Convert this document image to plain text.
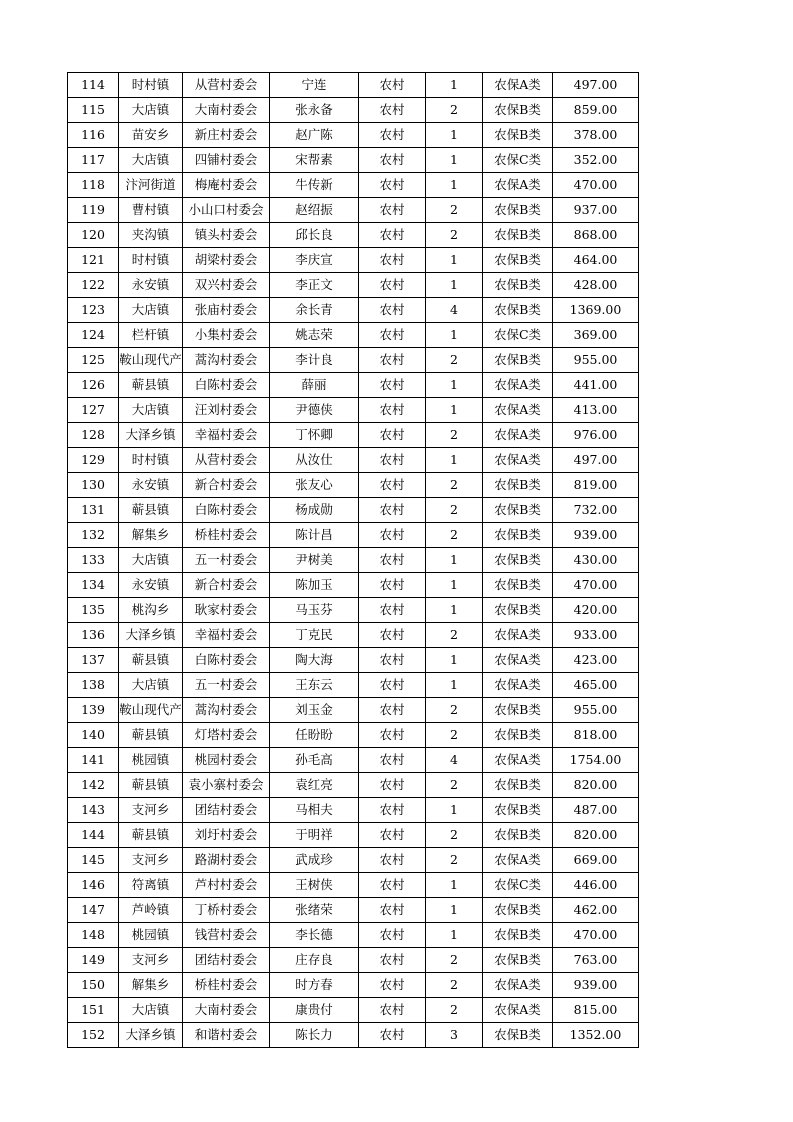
114	时村镇	从营村委会	宁连	农村	1	农保A类	497.00
115	大店镇	大南村委会	张永备	农村	2	农保B类	859.00
116	苗安乡	新庄村委会	赵广陈	农村	1	农保B类	378.00
117	大店镇	四铺村委会	宋帮素	农村	1	农保C类	352.00
118	汴河街道	梅庵村委会	牛传新	农村	1	农保A类	470.00
119	曹村镇	小山口村委会	赵绍振	农村	2	农保B类	937.00
120	夹沟镇	镇头村委会	邱长良	农村	2	农保B类	868.00
121	时村镇	胡梁村委会	李庆宣	农村	1	农保B类	464.00
122	永安镇	双兴村委会	李正文	农村	1	农保B类	428.00
123	大店镇	张庙村委会	余长青	农村	4	农保B类	1369.00
124	栏杆镇	小集村委会	姚志荣	农村	1	农保C类	369.00
125	鞍山现代产	蒿沟村委会	李计良	农村	2	农保B类	955.00
126	蕲县镇	白陈村委会	薛丽	农村	1	农保A类	441.00
127	大店镇	汪刘村委会	尹德侠	农村	1	农保A类	413.00
128	大泽乡镇	幸福村委会	丁怀卿	农村	2	农保A类	976.00
129	时村镇	从营村委会	从汝仕	农村	1	农保A类	497.00
130	永安镇	新合村委会	张友心	农村	2	农保B类	819.00
131	蕲县镇	白陈村委会	杨成勋	农村	2	农保B类	732.00
132	解集乡	桥桂村委会	陈计昌	农村	2	农保B类	939.00
133	大店镇	五一村委会	尹树美	农村	1	农保B类	430.00
134	永安镇	新合村委会	陈加玉	农村	1	农保B类	470.00
135	桃沟乡	耿家村委会	马玉芬	农村	1	农保B类	420.00
136	大泽乡镇	幸福村委会	丁克民	农村	2	农保A类	933.00
137	蕲县镇	白陈村委会	陶大海	农村	1	农保A类	423.00
138	大店镇	五一村委会	王东云	农村	1	农保A类	465.00
139	鞍山现代产	蒿沟村委会	刘玉金	农村	2	农保B类	955.00
140	蕲县镇	灯塔村委会	任盼盼	农村	2	农保B类	818.00
141	桃园镇	桃园村委会	孙毛高	农村	4	农保A类	1754.00
142	蕲县镇	袁小寨村委会	袁红亮	农村	2	农保B类	820.00
143	支河乡	团结村委会	马相夫	农村	1	农保B类	487.00
144	蕲县镇	刘圩村委会	于明祥	农村	2	农保B类	820.00
145	支河乡	路湖村委会	武成珍	农村	2	农保A类	669.00
146	符离镇	芦村村委会	王树侠	农村	1	农保C类	446.00
147	芦岭镇	丁桥村委会	张绪荣	农村	1	农保B类	462.00
148	桃园镇	钱营村委会	李长德	农村	1	农保B类	470.00
149	支河乡	团结村委会	庄存良	农村	2	农保B类	763.00
150	解集乡	桥桂村委会	时方春	农村	2	农保A类	939.00
151	大店镇	大南村委会	康贵付	农村	2	农保A类	815.00
152	大泽乡镇	和谐村委会	陈长力	农村	3	农保B类	1352.00
